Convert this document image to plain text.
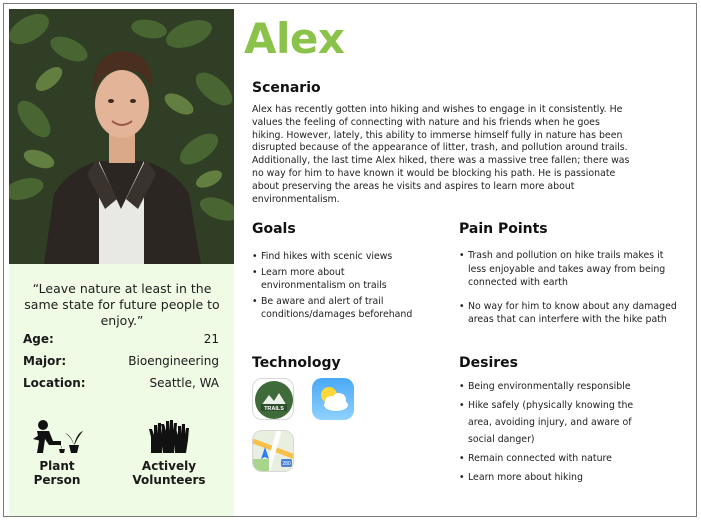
“Leave nature at least in the same state for future people to enjoy.”
Age:	21
Major:	Bioengineering
Location:	Seattle, WA
Plant Person
Actively Volunteers
Alex
Scenario
Alex has recently gotten into hiking and wishes to engage in it consistently. He values the feeling of connecting with nature and his friends when he goes hiking. However, lately, this ability to immerse himself fully in nature has been disrupted because of the appearance of litter, trash, and pollution around trails. Additionally, the last time Alex hiked, there was a massive tree fallen; there was no way for him to have known it would be blocking his path. He is passionate about preserving the areas he visits and aspires to learn more about environmentalism.
Goals
• Find hikes with scenic views
• Learn more about environmentalism on trails
• Be aware and alert of trail conditions/damages beforehand
Pain Points
• Trash and pollution on hike trails makes it less enjoyable and takes away from being connected with earth
• No way for him to know about any damaged areas that can interfere with the hike path
Technology
TRAILS
280
Desires
• Being environmentally responsible
• Hike safely (physically knowing the area, avoiding injury, and aware of social danger)
• Remain connected with nature
• Learn more about hiking
